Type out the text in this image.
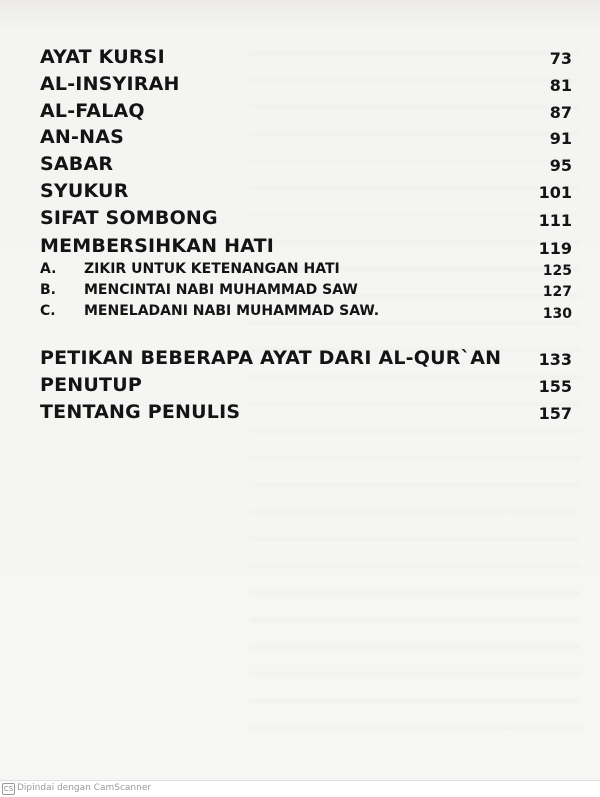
AYAT KURSI	73
AL-INSYIRAH	81
AL-FALAQ	87
AN-NAS	91
SABAR	95
SYUKUR	101
SIFAT SOMBONG	111
MEMBERSIHKAN HATI	119
A. ZIKIR UNTUK KETENANGAN HATI	125
B. MENCINTAI NABI MUHAMMAD SAW	127
C. MENELADANI NABI MUHAMMAD SAW.	130
PETIKAN BEBERAPA AYAT DARI AL-QUR`AN 133
PENUTUP	155
TENTANG PENULIS	157
CS Dipindai dengan CamScanner
